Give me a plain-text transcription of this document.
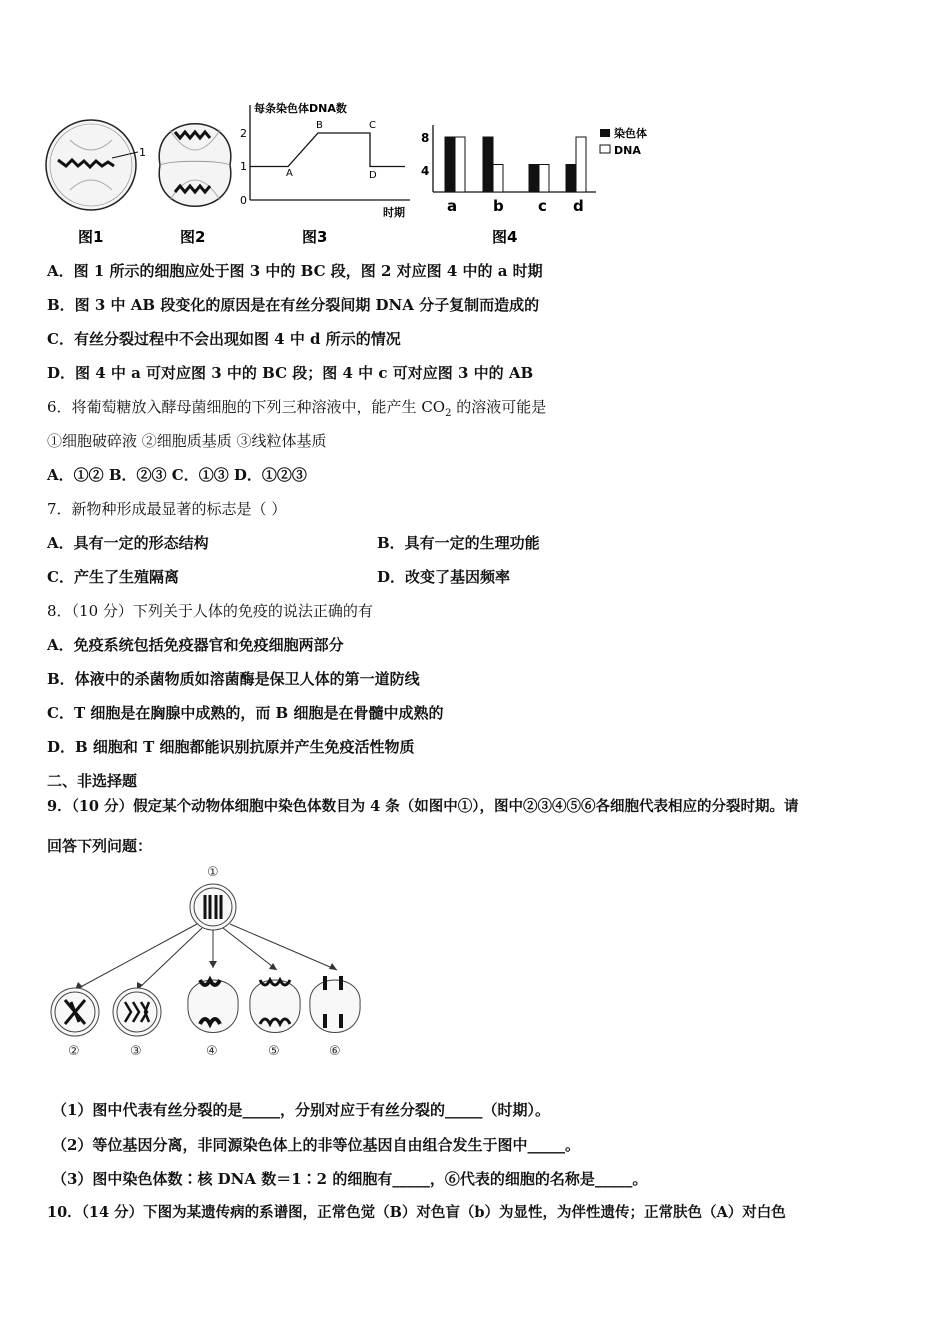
1
图1	图2
每条染色体DNA数
时期
2
1
0
A
B	C
D
图3
8
4
a b c d
染色体
DNA
图4
A．图 1 所示的细胞应处于图 3 中的 BC 段，图 2 对应图 4 中的 a 时期
B．图 3 中 AB 段变化的原因是在有丝分裂间期 DNA 分子复制而造成的
C．有丝分裂过程中不会出现如图 4 中 d 所示的情况
D．图 4 中 a 可对应图 3 中的 BC 段；图 4 中 c 可对应图 3 中的 AB
6．将葡萄糖放入酵母菌细胞的下列三种溶液中，能产生 $CO_2$ 的溶液可能是
①细胞破碎液 ②细胞质基质 ③线粒体基质
A．①② B．②③ C．①③ D．①②③
7．新物种形成最显著的标志是（ ）
A．具有一定的形态结构	B．具有一定的生理功能
C．产生了生殖隔离	D．改变了基因频率
8．（10 分）下列关于人体的免疫的说法正确的有
A．免疫系统包括免疫器官和免疫细胞两部分
B．体液中的杀菌物质如溶菌酶是保卫人体的第一道防线
C．T 细胞是在胸腺中成熟的，而 B 细胞是在骨髓中成熟的
D．B 细胞和 T 细胞都能识别抗原并产生免疫活性物质
二、非选择题
9．（10 分）假定某个动物体细胞中染色体数目为 4 条（如图中①），图中②③④⑤⑥各细胞代表相应的分裂时期。请
回答下列问题：
①
②	③	④	⑤	⑥
（1）图中代表有丝分裂的是_____，分别对应于有丝分裂的_____（时期）。
（2）等位基因分离，非同源染色体上的非等位基因自由组合发生于图中_____。
（3）图中染色体数∶核 DNA 数＝1∶2 的细胞有_____，⑥代表的细胞的名称是_____。
10．（14 分）下图为某遗传病的系谱图，正常色觉（B）对色盲（b）为显性，为伴性遗传；正常肤色（A）对白色
